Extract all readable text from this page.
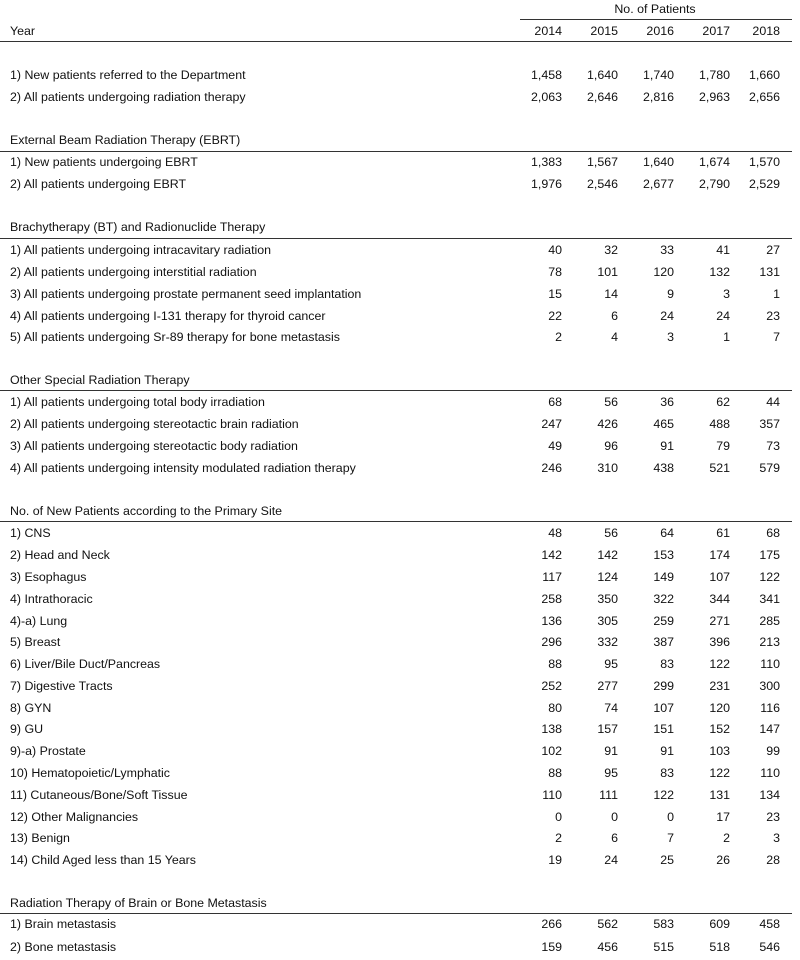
No. of Patients
Year	2014	2015	2016	2017	2018
1) New patients referred to the Department	1,458	1,640	1,740	1,780	1,660
2) All patients undergoing radiation therapy	2,063	2,646	2,816	2,963	2,656
External Beam Radiation Therapy (EBRT)
1) New patients undergoing EBRT	1,383	1,567	1,640	1,674	1,570
2) All patients undergoing EBRT	1,976	2,546	2,677	2,790	2,529
Brachytherapy (BT) and Radionuclide Therapy
1) All patients undergoing intracavitary radiation	40	32	33	41	27
2) All patients undergoing interstitial radiation	78	101	120	132	131
3) All patients undergoing prostate permanent seed implantation	15	14	9	3	1
4) All patients undergoing I-131 therapy for thyroid cancer	22	6	24	24	23
5) All patients undergoing Sr-89 therapy for bone metastasis	2	4	3	1	7
Other Special Radiation Therapy
1) All patients undergoing total body irradiation	68	56	36	62	44
2) All patients undergoing stereotactic brain radiation	247	426	465	488	357
3) All patients undergoing stereotactic body radiation	49	96	91	79	73
4) All patients undergoing intensity modulated radiation therapy	246	310	438	521	579
No. of New Patients according to the Primary Site
1) CNS	48	56	64	61	68
2) Head and Neck	142	142	153	174	175
3) Esophagus	117	124	149	107	122
4) Intrathoracic	258	350	322	344	341
4)-a) Lung	136	305	259	271	285
5) Breast	296	332	387	396	213
6) Liver/Bile Duct/Pancreas	88	95	83	122	110
7) Digestive Tracts	252	277	299	231	300
8) GYN	80	74	107	120	116
9) GU	138	157	151	152	147
9)-a) Prostate	102	91	91	103	99
10) Hematopoietic/Lymphatic	88	95	83	122	110
11) Cutaneous/Bone/Soft Tissue	110	111	122	131	134
12) Other Malignancies	0	0	0	17	23
13) Benign	2	6	7	2	3
14) Child Aged less than 15 Years	19	24	25	26	28
Radiation Therapy of Brain or Bone Metastasis
1) Brain metastasis	266	562	583	609	458
2) Bone metastasis	159	456	515	518	546
